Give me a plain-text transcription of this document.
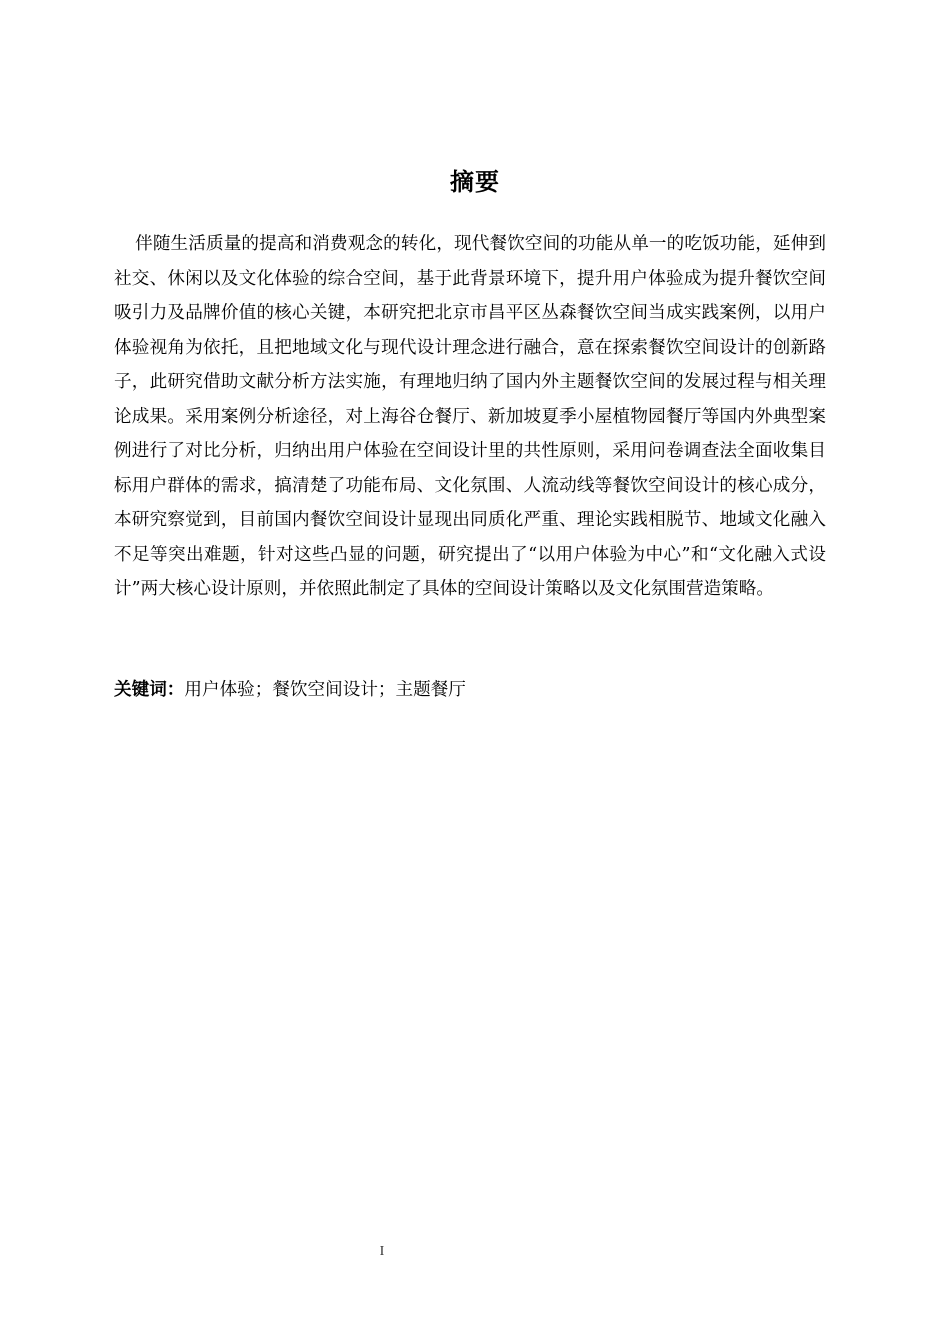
摘要

伴随生活质量的提高和消费观念的转化，现代餐饮空间的功能从单一的吃饭功能，延伸到社交、休闲以及文化体验的综合空间，基于此背景环境下，提升用户体验成为提升餐饮空间吸引力及品牌价值的核心关键，本研究把北京市昌平区丛森餐饮空间当成实践案例，以用户体验视角为依托，且把地域文化与现代设计理念进行融合，意在探索餐饮空间设计的创新路子，此研究借助文献分析方法实施，有理地归纳了国内外主题餐饮空间的发展过程与相关理论成果。采用案例分析途径，对上海谷仓餐厅、新加坡夏季小屋植物园餐厅等国内外典型案例进行了对比分析，归纳出用户体验在空间设计里的共性原则，采用问卷调查法全面收集目标用户群体的需求，搞清楚了功能布局、文化氛围、人流动线等餐饮空间设计的核心成分，本研究察觉到，目前国内餐饮空间设计显现出同质化严重、理论实践相脱节、地域文化融入不足等突出难题，针对这些凸显的问题，研究提出了“以用户体验为中心”和“文化融入式设计”两大核心设计原则，并依照此制定了具体的空间设计策略以及文化氛围营造策略。

关键词：用户体验；餐饮空间设计；主题餐厅

I
